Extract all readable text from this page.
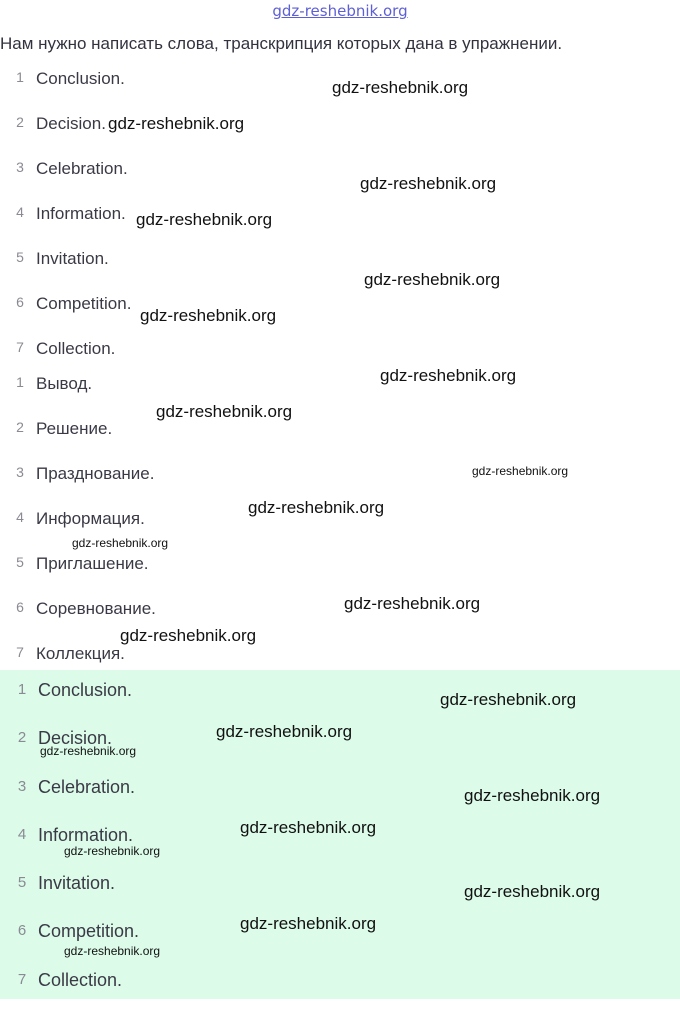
gdz-reshebnik.org
Нам нужно написать слова, транскрипция которых дана в упражнении.
1 Conclusion.
2 Decision.
3 Celebration.
4 Information.
5 Invitation.
6 Competition.
7 Collection.
1 Вывод.
2 Решение.
3 Празднование.
4 Информация.
5 Приглашение.
6 Соревнование.
7 Коллекция.
1 Conclusion.
2 Decision.
3 Celebration.
4 Information.
5 Invitation.
6 Competition.
7 Collection.
gdz-reshebnik.org
gdz-reshebnik.org
gdz-reshebnik.org
gdz-reshebnik.org
gdz-reshebnik.org
gdz-reshebnik.org
gdz-reshebnik.org
gdz-reshebnik.org
gdz-reshebnik.org
gdz-reshebnik.org
gdz-reshebnik.org
gdz-reshebnik.org
gdz-reshebnik.org
gdz-reshebnik.org
gdz-reshebnik.org
gdz-reshebnik.org
gdz-reshebnik.org
gdz-reshebnik.org
gdz-reshebnik.org
gdz-reshebnik.org
gdz-reshebnik.org
gdz-reshebnik.org
